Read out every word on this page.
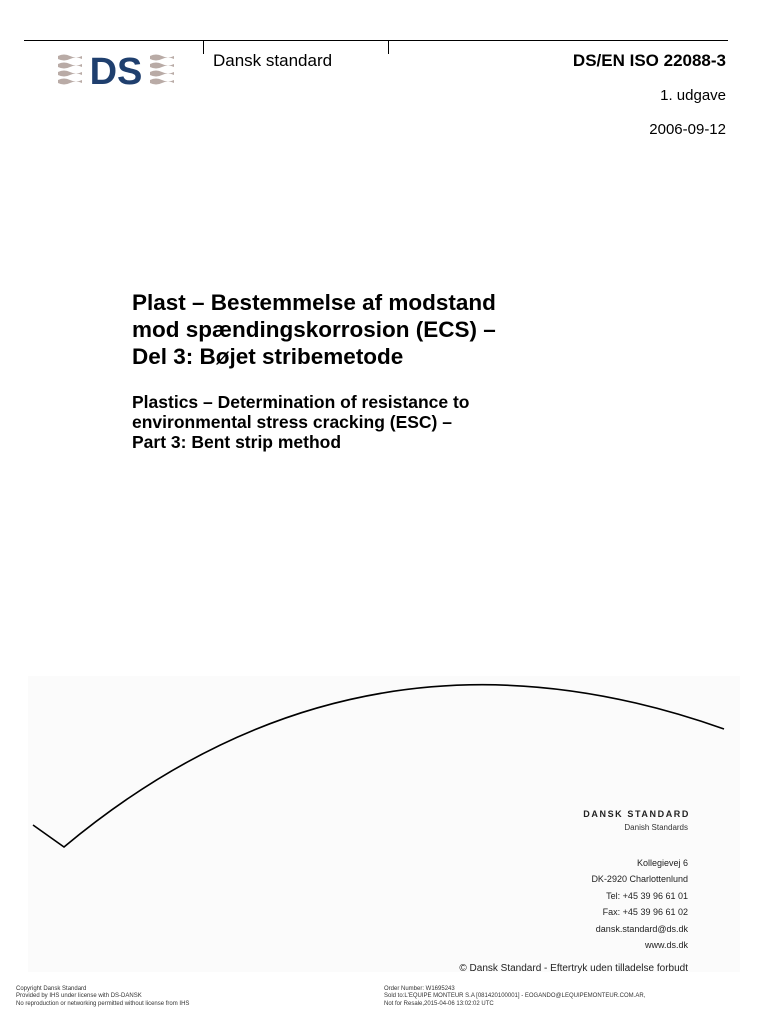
DS	Dansk standard	DS/EN ISO 22088-3
1. udgave
2006-09-12
Plast – Bestemmelse af modstand
mod spændingskorrosion (ECS) –
Del 3: Bøjet stribemetode
Plastics – Determination of resistance to
environmental stress cracking (ESC) –
Part 3: Bent strip method
DANSK STANDARD
Danish Standards
Kollegievej 6
DK-2920 Charlottenlund
Tel: +45 39 96 61 01
Fax: +45 39 96 61 02
dansk.standard@ds.dk
www.ds.dk
© Dansk Standard - Eftertryk uden tilladelse forbudt
Copyright Dansk Standard
Provided by IHS under license with DS-DANSK
No reproduction or networking permitted without license from IHS
Order Number: W1695243
Sold to:L'EQUIPE MONTEUR S.A [081420100001] - EOGANDO@LEQUIPEMONTEUR.COM.AR,
Not for Resale,2015-04-06 13:02:02 UTC
